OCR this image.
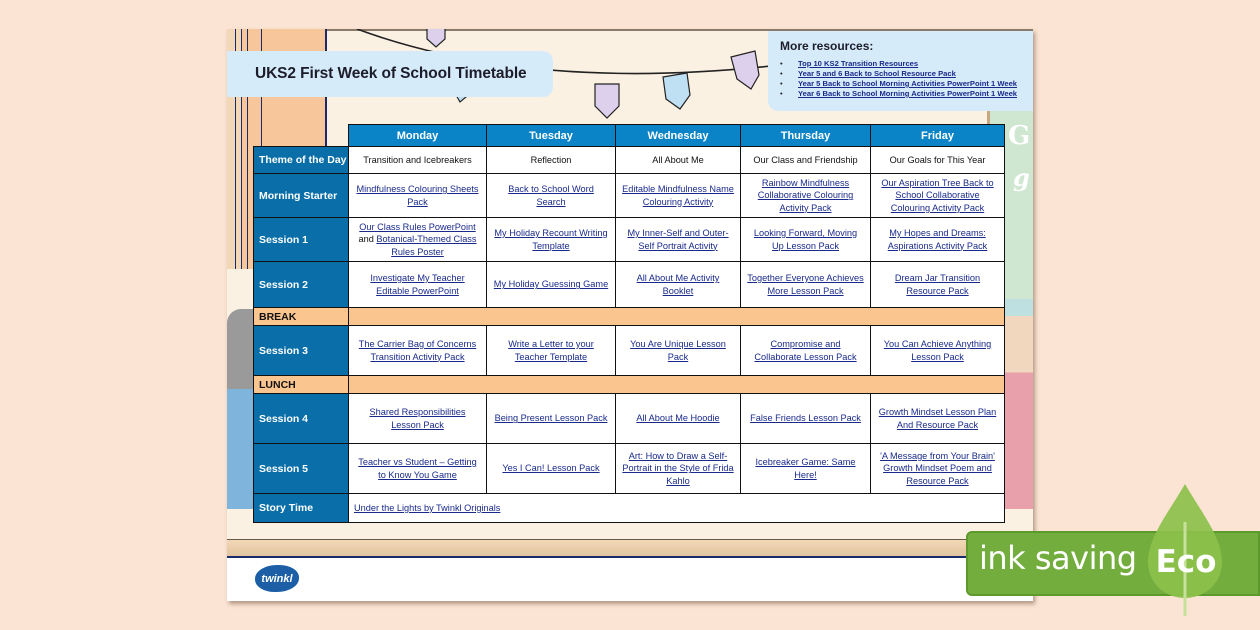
G
g
UKS2 First Week of School Timetable
More resources:
•	Top 10 KS2 Transition Resources
•	Year 5 and 6 Back to School Resource Pack
•	Year 5 Back to School Morning Activities PowerPoint 1 Week
•	Year 6 Back to School Morning Activities PowerPoint 1 Week
	Monday	Tuesday	Wednesday	Thursday	Friday
Theme of the Day	Transition and Icebreakers	Reflection	All About Me	Our Class and Friendship	Our Goals for This Year
Morning Starter	Mindfulness Colouring Sheets Pack	Back to School Word Search	Editable Mindfulness Name Colouring Activity	Rainbow Mindfulness Collaborative Colouring Activity Pack	Our Aspiration Tree Back to School Collaborative Colouring Activity Pack
Session 1	Our Class Rules PowerPoint
and Botanical-Themed Class Rules Poster	My Holiday Recount Writing Template	My Inner-Self and Outer-Self Portrait Activity	Looking Forward, Moving Up Lesson Pack	My Hopes and Dreams: Aspirations Activity Pack
Session 2	Investigate My Teacher Editable PowerPoint	My Holiday Guessing Game	All About Me Activity Booklet	Together Everyone Achieves More Lesson Pack	Dream Jar Transition Resource Pack
BREAK					
Session 3	The Carrier Bag of Concerns Transition Activity Pack	Write a Letter to your Teacher Template	You Are Unique Lesson Pack	Compromise and Collaborate Lesson Pack	You Can Achieve Anything Lesson Pack
LUNCH					
Session 4	Shared Responsibilities Lesson Pack	Being Present Lesson Pack	All About Me Hoodie	False Friends Lesson Pack	Growth Mindset Lesson Plan And Resource Pack
Session 5	Teacher vs Student – Getting to Know You Game	Yes I Can! Lesson Pack	Art: How to Draw a Self-Portrait in the Style of Frida Kahlo	Icebreaker Game: Same Here!	'A Message from Your Brain' Growth Mindset Poem and Resource Pack
Story Time	Under the Lights by Twinkl Originals				
twinkl
ink saving Eco
